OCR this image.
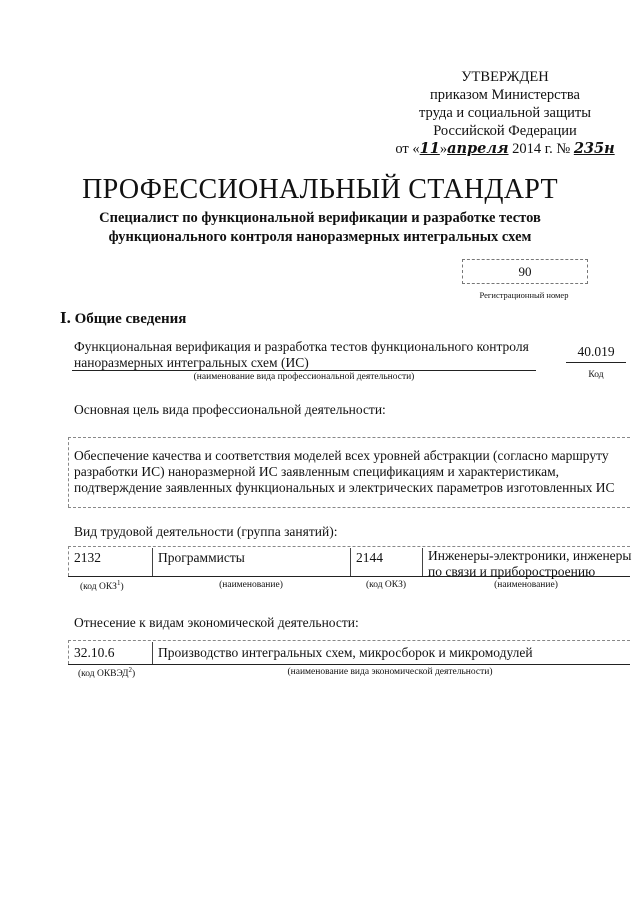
УТВЕРЖДЕН
приказом Министерства
труда и социальной защиты
Российской Федерации
от «11»апреля 2014 г. № 235н
ПРОФЕССИОНАЛЬНЫЙ СТАНДАРТ
Специалист по функциональной верификации и разработке тестов
функционального контроля наноразмерных интегральных схем
90
Регистрационный номер
I. Общие сведения
Функциональная верификация и разработка тестов функционального контроля
наноразмерных интегральных схем (ИС)
(наименование вида профессиональной деятельности)
40.019
Код
Основная цель вида профессиональной деятельности:
Обеспечение качества и соответствия моделей всех уровней абстракции (согласно маршруту
разработки ИС) наноразмерной ИС заявленным спецификациям и характеристикам,
подтверждение заявленных функциональных и электрических параметров изготовленных ИС
Вид трудовой деятельности (группа занятий):
2132	Программисты	2144	Инженеры-электроники, инженеры
по связи и приборостроению
(код ОКЗ$^1$)	(наименование)	(код ОКЗ)	(наименование)
Отнесение к видам экономической деятельности:
32.10.6	Производство интегральных схем, микросборок и микромодулей
(код ОКВЭД$^2$)	(наименование вида экономической деятельности)
